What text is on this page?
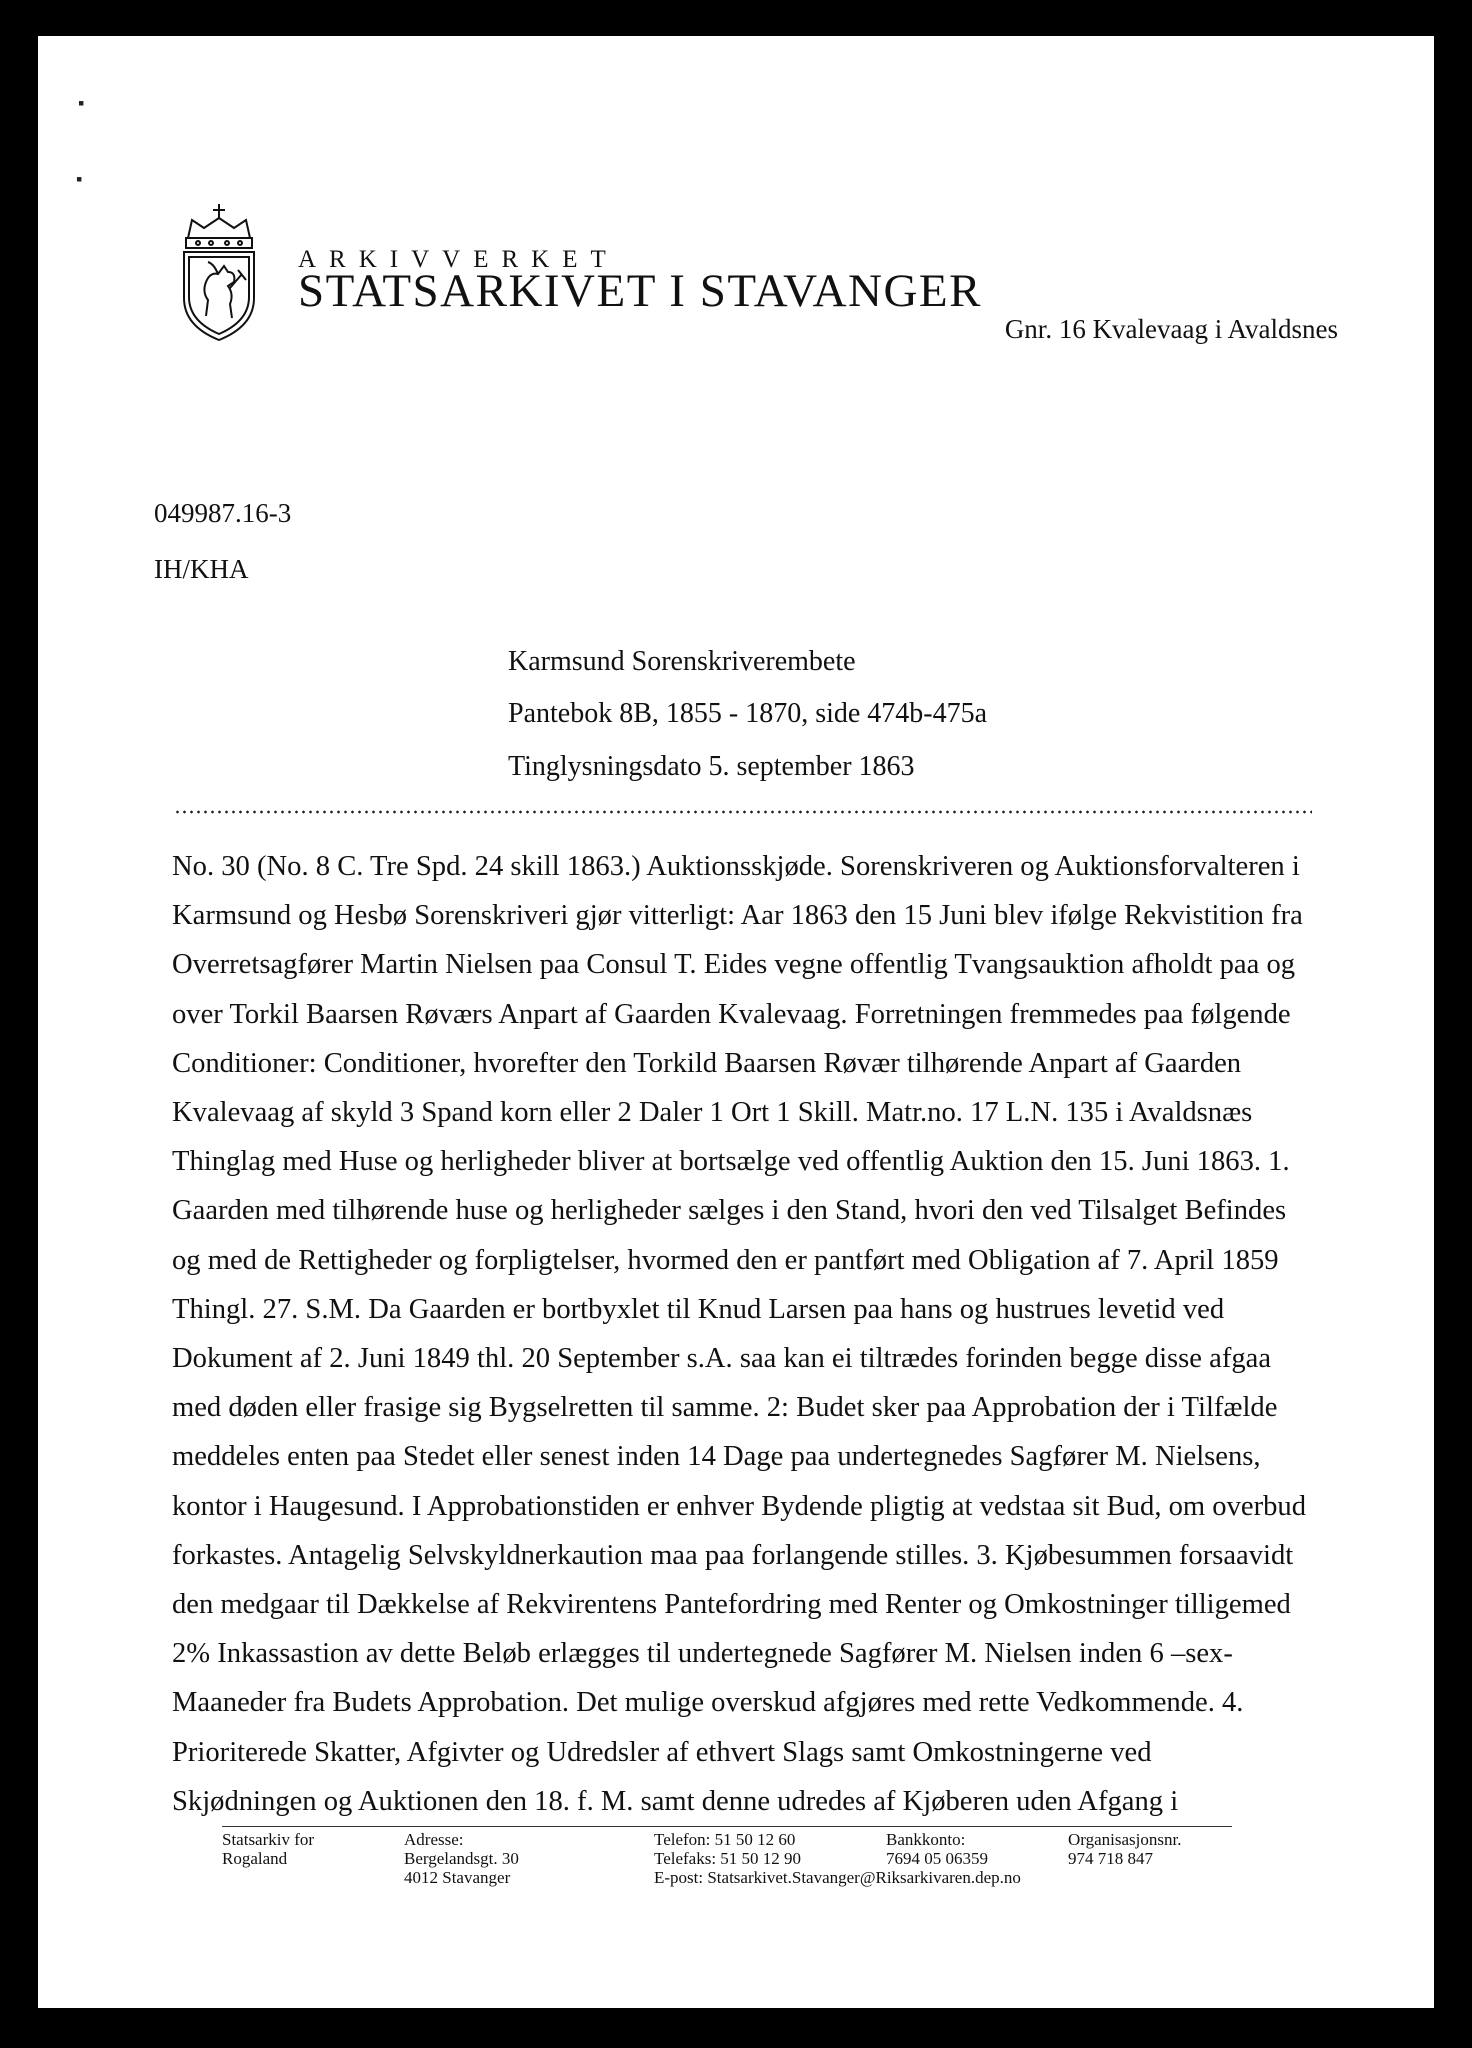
▪
▪
ARKIVVERKET
STATSARKIVET I STAVANGER
Gnr. 16 Kvalevaag i Avaldsnes
049987.16-3
IH/KHA
Karmsund Sorenskriverembete
Pantebok 8B, 1855 - 1870, side 474b-475a
Tinglysningsdato 5. september 1863
No. 30 (No. 8 C. Tre Spd. 24 skill 1863.) Auktionsskjøde. Sorenskriveren og Auktionsforvalteren i
Karmsund og Hesbø Sorenskriveri gjør vitterligt: Aar 1863 den 15 Juni blev ifølge Rekvistition fra
Overretsagfører Martin Nielsen paa Consul T. Eides vegne offentlig Tvangsauktion afholdt paa og
over Torkil Baarsen Røværs Anpart af Gaarden Kvalevaag. Forretningen fremmedes paa følgende
Conditioner: Conditioner, hvorefter den Torkild Baarsen Røvær tilhørende Anpart af Gaarden
Kvalevaag af skyld 3 Spand korn eller 2 Daler 1 Ort 1 Skill. Matr.no. 17 L.N. 135 i Avaldsnæs
Thinglag med Huse og herligheder bliver at bortsælge ved offentlig Auktion den 15. Juni 1863. 1.
Gaarden med tilhørende huse og herligheder sælges i den Stand, hvori den ved Tilsalget Befindes
og med de Rettigheder og forpligtelser, hvormed den er pantført med Obligation af 7. April 1859
Thingl. 27. S.M. Da Gaarden er bortbyxlet til Knud Larsen paa hans og hustrues levetid ved
Dokument af 2. Juni 1849 thl. 20 September s.A. saa kan ei tiltrædes forinden begge disse afgaa
med døden eller frasige sig Bygselretten til samme. 2: Budet sker paa Approbation der i Tilfælde
meddeles enten paa Stedet eller senest inden 14 Dage paa undertegnedes Sagfører M. Nielsens,
kontor i Haugesund. I Approbationstiden er enhver Bydende pligtig at vedstaa sit Bud, om overbud
forkastes. Antagelig Selvskyldnerkaution maa paa forlangende stilles. 3. Kjøbesummen forsaavidt
den medgaar til Dækkelse af Rekvirentens Pantefordring med Renter og Omkostninger tilligemed
2% Inkassastion av dette Beløb erlægges til undertegnede Sagfører M. Nielsen inden 6 –sex-
Maaneder fra Budets Approbation. Det mulige overskud afgjøres med rette Vedkommende. 4.
Prioriterede Skatter, Afgivter og Udredsler af ethvert Slags samt Omkostningerne ved
Skjødningen og Auktionen den 18. f. M. samt denne udredes af Kjøberen uden Afgang i
Statsarkiv for
Rogaland
Adresse:
Bergelandsgt. 30
4012 Stavanger
Telefon: 51 50 12 60
Telefaks: 51 50 12 90
E-post: Statsarkivet.Stavanger@Riksarkivaren.dep.no
Bankkonto:
7694 05 06359
Organisasjonsnr.
974 718 847
